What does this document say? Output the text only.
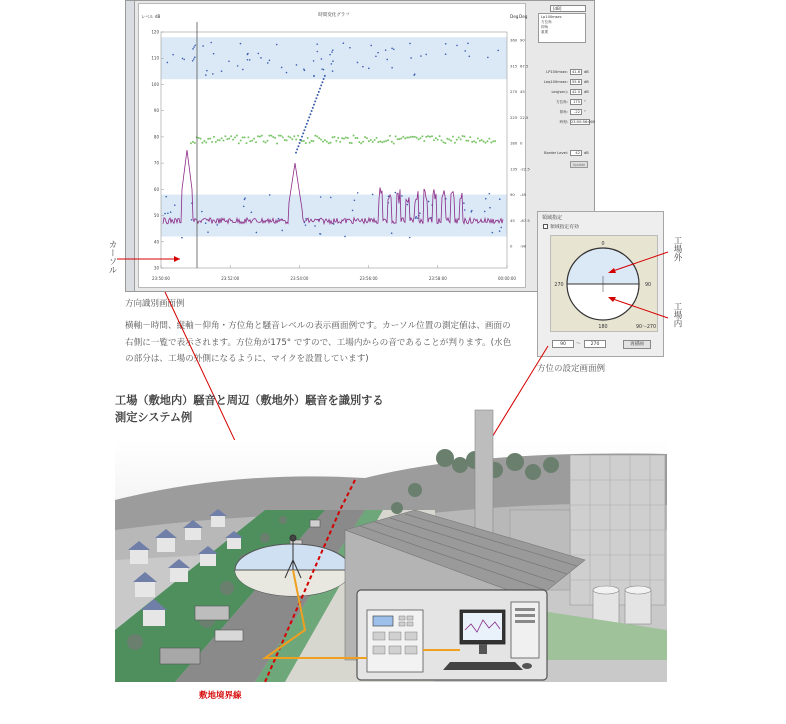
時間変化グラフ
レベル dB	Deg Deg
120
110
100
90
80
70
60
50
40
30
360
315
270
225
180
135
90
45
0
90
67.5
45
22.5
0
-22.5
-45
-67.5
-90
23:50:00	23:52:00	23:54:00	23:56:00	23:58:00	00:00:00
[dB]
Lp100msec
方位角
仰角
重要
LP100msec:	41.6	dB
Leq100msec:	55.6	dB
Leq(sec):	42.0	dB
方位角:	175	°
仰角:	-22	°
時刻: 23:50:56:000
Border Level:	42	dB
Update
方向識別画面例
横軸－時間、縦軸－仰角・方位角と騒音レベルの表示画面例です。カーソル位置の測定値は、画面の右側に一覧で表示されます。方位角が175° ですので、工場内からの音であることが判ります。(水色の部分は、工場の外側になるように、マイクを設置しています)
カーソル
領域指定
領域指定有効
0
90
180
270
90～270
90	～	270	再描画
方位の設定画面例
工場外
工場内
工場（敷地内）騒音と周辺（敷地外）騒音を識別する
測定システム例
敷地境界線
